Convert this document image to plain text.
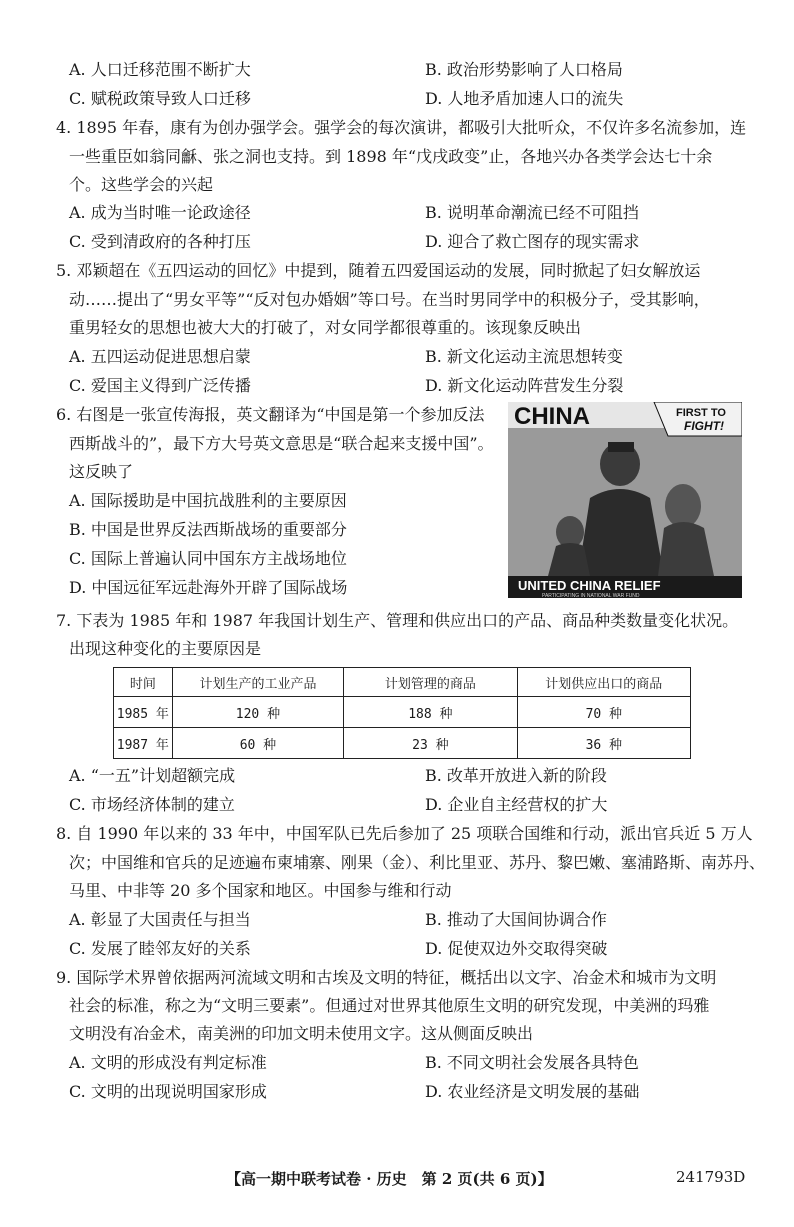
A. 人口迁移范围不断扩大	B. 政治形势影响了人口格局
C. 赋税政策导致人口迁移	D. 人地矛盾加速人口的流失
4. 1895 年春，康有为创办强学会。强学会的每次演讲，都吸引大批听众，不仅许多名流参加，连
一些重臣如翁同龢、张之洞也支持。到 1898 年“戊戌政变”止，各地兴办各类学会达七十余
个。这些学会的兴起
A. 成为当时唯一论政途径	B. 说明革命潮流已经不可阻挡
C. 受到清政府的各种打压	D. 迎合了救亡图存的现实需求
5. 邓颖超在《五四运动的回忆》中提到，随着五四爱国运动的发展，同时掀起了妇女解放运
动……提出了“男女平等”“反对包办婚姻”等口号。在当时男同学中的积极分子，受其影响，
重男轻女的思想也被大大的打破了，对女同学都很尊重的。该现象反映出
A. 五四运动促进思想启蒙	B. 新文化运动主流思想转变
C. 爱国主义得到广泛传播	D. 新文化运动阵营发生分裂
6. 右图是一张宣传海报，英文翻译为“中国是第一个参加反法
西斯战斗的”，最下方大号英文意思是“联合起来支援中国”。
这反映了
A. 国际援助是中国抗战胜利的主要原因
B. 中国是世界反法西斯战场的重要部分
C. 国际上普遍认同中国东方主战场地位
D. 中国远征军远赴海外开辟了国际战场
CHINA	FIRST TO
FIGHT!
UNITED CHINA RELIEF
PARTICIPATING IN NATIONAL WAR FUND
7. 下表为 1985 年和 1987 年我国计划生产、管理和供应出口的产品、商品种类数量变化状况。
出现这种变化的主要原因是
时间	计划生产的工业产品	计划管理的商品	计划供应出口的商品
1985 年	120 种	188 种	70 种
1987 年	60 种	23 种	36 种
A. “一五”计划超额完成	B. 改革开放进入新的阶段
C. 市场经济体制的建立	D. 企业自主经营权的扩大
8. 自 1990 年以来的 33 年中，中国军队已先后参加了 25 项联合国维和行动，派出官兵近 5 万人
次；中国维和官兵的足迹遍布柬埔寨、刚果（金）、利比里亚、苏丹、黎巴嫩、塞浦路斯、南苏丹、
马里、中非等 20 多个国家和地区。中国参与维和行动
A. 彰显了大国责任与担当	B. 推动了大国间协调合作
C. 发展了睦邻友好的关系	D. 促使双边外交取得突破
9. 国际学术界曾依据两河流域文明和古埃及文明的特征，概括出以文字、冶金术和城市为文明
社会的标准，称之为“文明三要素”。但通过对世界其他原生文明的研究发现，中美洲的玛雅
文明没有冶金术，南美洲的印加文明未使用文字。这从侧面反映出
A. 文明的形成没有判定标准	B. 不同文明社会发展各具特色
C. 文明的出现说明国家形成	D. 农业经济是文明发展的基础
【高一期中联考试卷 · 历史　第 2 页(共 6 页)】	241793D
